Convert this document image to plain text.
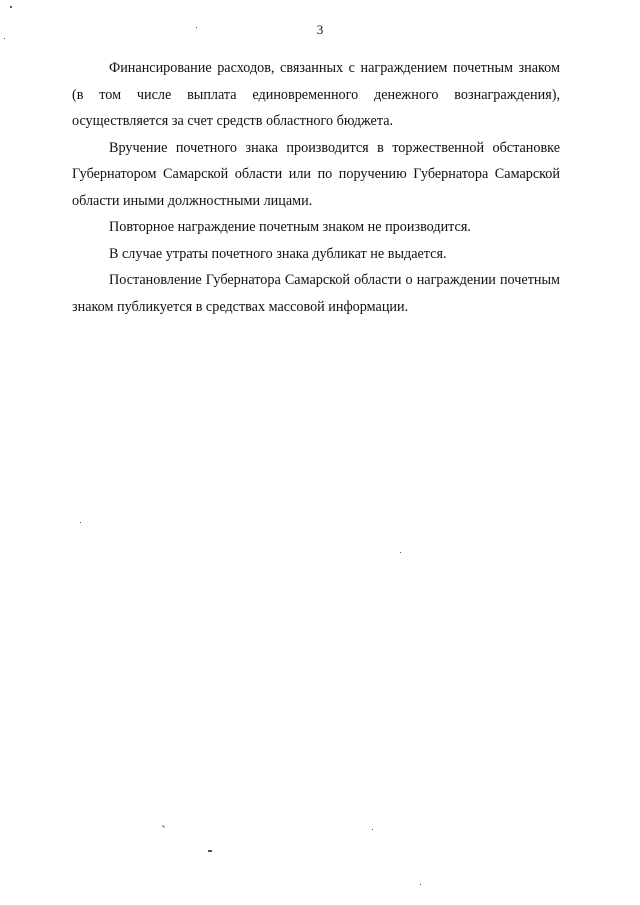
3

Финансирование расходов, связанных с награждением почетным знаком (в том числе выплата единовременного денежного вознаграждения), осуществляется за счет средств областного бюджета.

Вручение почетного знака производится в торжественной обстановке Губернатором Самарской области или по поручению Губернатора Самарской области иными должностными лицами.

Повторное награждение почетным знаком не производится.

В случае утраты почетного знака дубликат не выдается.

Постановление Губернатора Самарской области о награждении почетным знаком публикуется в средствах массовой информации.
